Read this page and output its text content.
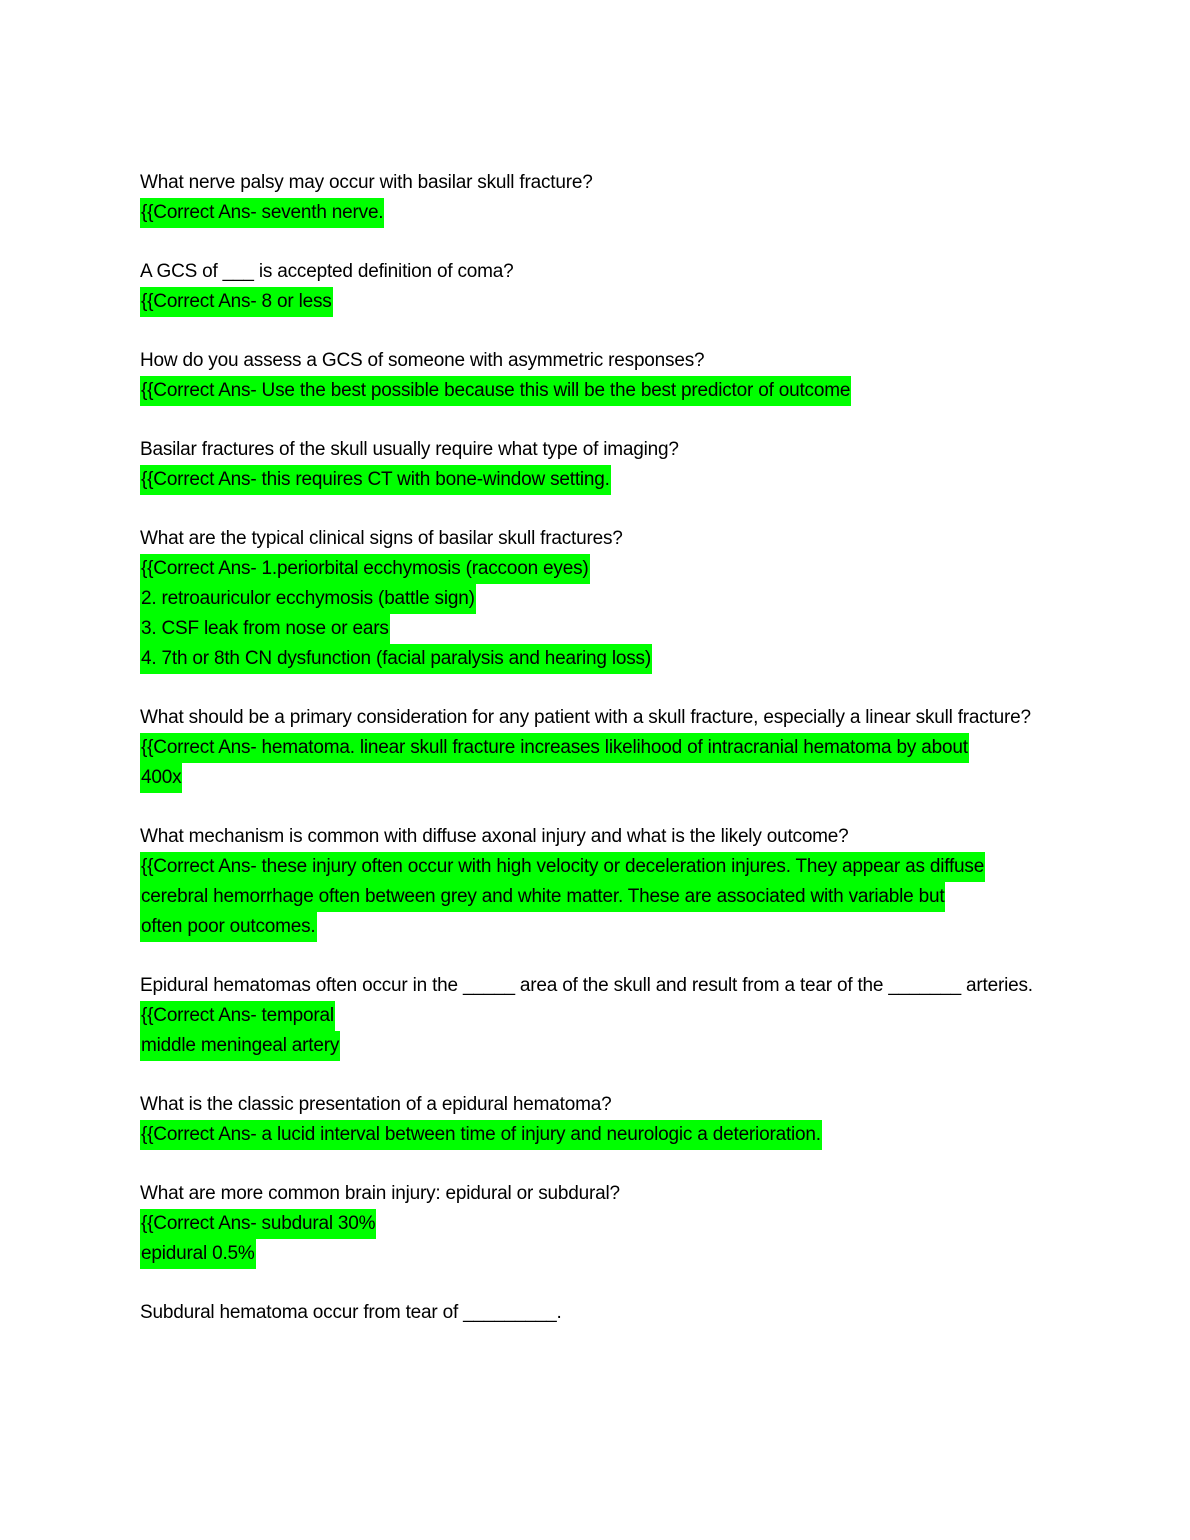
What nerve palsy may occur with basilar skull fracture?

{{Correct Ans- seventh nerve.

A GCS of ___ is accepted definition of coma?

{{Correct Ans- 8 or less

How do you assess a GCS of someone with asymmetric responses?

{{Correct Ans- Use the best possible because this will be the best predictor of outcome

Basilar fractures of the skull usually require what type of imaging?

{{Correct Ans- this requires CT with bone-window setting.

What are the typical clinical signs of basilar skull fractures?

{{Correct Ans- 1.periorbital ecchymosis (raccoon eyes)
2. retroauriculor ecchymosis (battle sign)
3. CSF leak from nose or ears
4. 7th or 8th CN dysfunction (facial paralysis and hearing loss)

What should be a primary consideration for any patient with a skull fracture, especially a linear skull fracture?

{{Correct Ans- hematoma. linear skull fracture increases likelihood of intracranial hematoma by about
400x

What mechanism is common with diffuse axonal injury and what is the likely outcome?

{{Correct Ans- these injury often occur with high velocity or deceleration injures. They appear as diffuse
cerebral hemorrhage often between grey and white matter. These are associated with variable but
often poor outcomes.

Epidural hematomas often occur in the _____ area of the skull and result from a tear of the _______ arteries.

{{Correct Ans- temporal
middle meningeal artery

What is the classic presentation of a epidural hematoma?

{{Correct Ans- a lucid interval between time of injury and neurologic a deterioration.

What are more common brain injury: epidural or subdural?

{{Correct Ans- subdural 30%
epidural 0.5%

Subdural hematoma occur from tear of _________.
